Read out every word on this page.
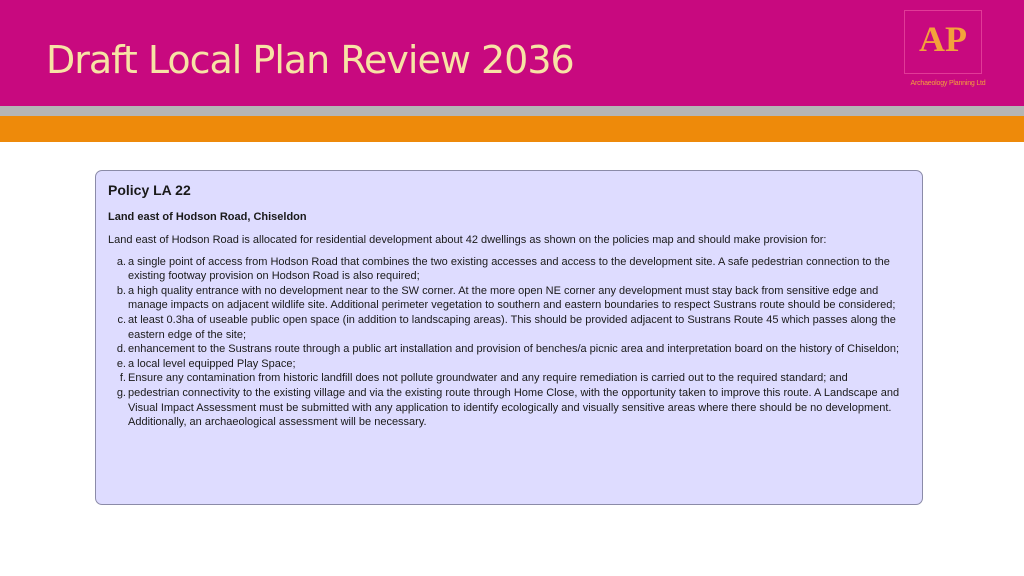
Draft Local Plan Review 2036	AP
Archaeology Planning Ltd
Policy LA 22
Land east of Hodson Road, Chiseldon
Land east of Hodson Road is allocated for residential development about 42 dwellings as shown on the policies map and should make provision for:
a. a single point of access from Hodson Road that combines the two existing accesses and access to the development site. A safe pedestrian connection to the existing footway provision on Hodson Road is also required;
b. a high quality entrance with no development near to the SW corner. At the more open NE corner any development must stay back from sensitive edge and manage impacts on adjacent wildlife site. Additional perimeter vegetation to southern and eastern boundaries to respect Sustrans route should be considered;
c. at least 0.3ha of useable public open space (in addition to landscaping areas). This should be provided adjacent to Sustrans Route 45 which passes along the eastern edge of the site;
d. enhancement to the Sustrans route through a public art installation and provision of benches/a picnic area and interpretation board on the history of Chiseldon;
e. a local level equipped Play Space;
f. Ensure any contamination from historic landfill does not pollute groundwater and any require remediation is carried out to the required standard; and
g. pedestrian connectivity to the existing village and via the existing route through Home Close, with the opportunity taken to improve this route. A Landscape and Visual Impact Assessment must be submitted with any application to identify ecologically and visually sensitive areas where there should be no development. Additionally, an archaeological assessment will be necessary.
